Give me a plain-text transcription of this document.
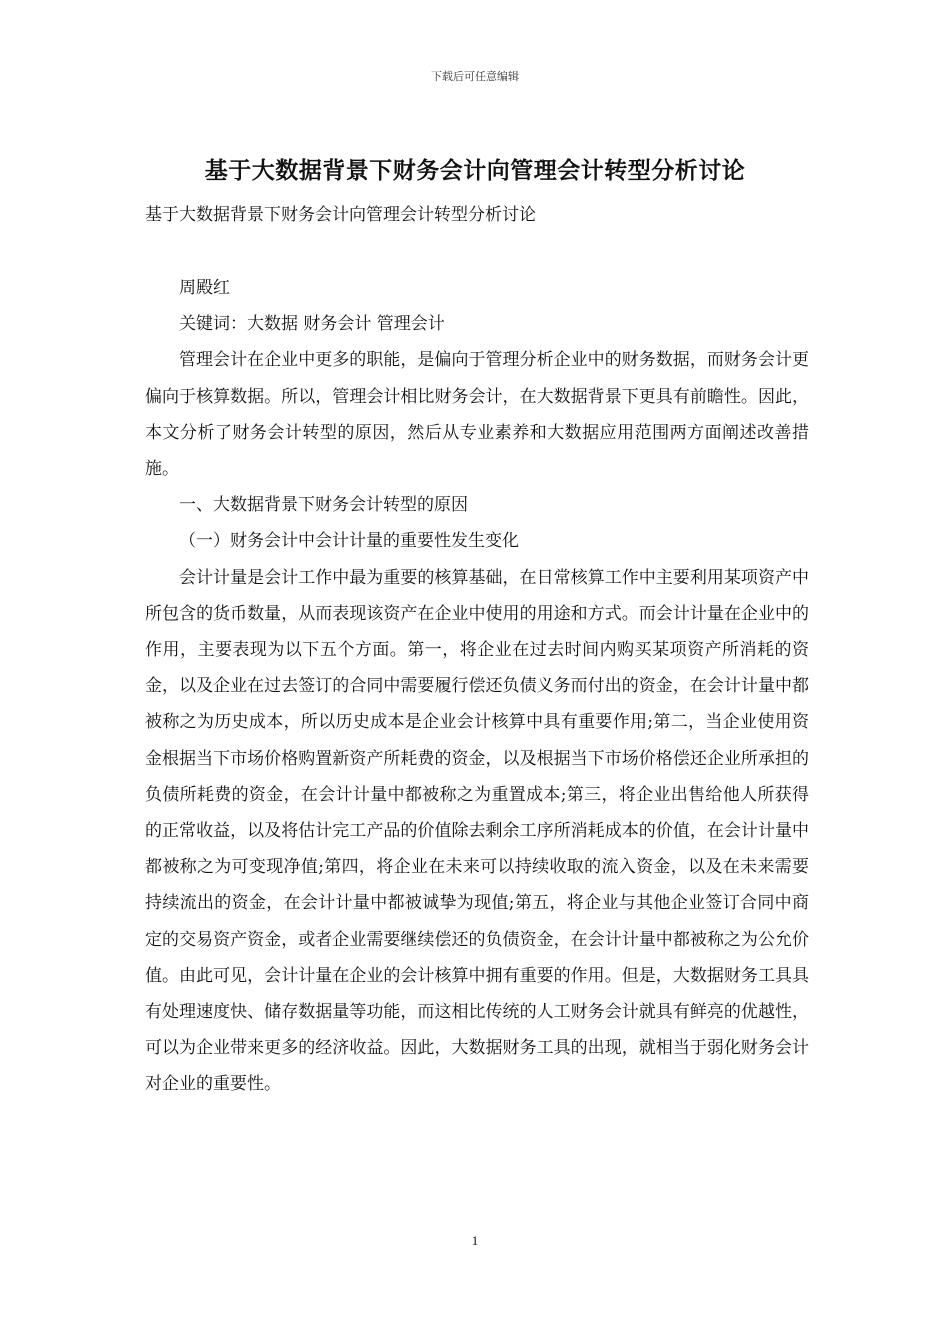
下载后可任意编辑
基于大数据背景下财务会计向管理会计转型分析讨论

基于大数据背景下财务会计向管理会计转型分析讨论

周殿红

关键词：大数据 财务会计 管理会计

管理会计在企业中更多的职能，是偏向于管理分析企业中的财务数据，而财务会计更偏向于核算数据。所以，管理会计相比财务会计，在大数据背景下更具有前瞻性。因此，本文分析了财务会计转型的原因，然后从专业素养和大数据应用范围两方面阐述改善措施。

一、大数据背景下财务会计转型的原因

（一）财务会计中会计计量的重要性发生变化

会计计量是会计工作中最为重要的核算基础，在日常核算工作中主要利用某项资产中所包含的货币数量，从而表现该资产在企业中使用的用途和方式。而会计计量在企业中的作用，主要表现为以下五个方面。第一，将企业在过去时间内购买某项资产所消耗的资金，以及企业在过去签订的合同中需要履行偿还负债义务而付出的资金，在会计计量中都被称之为历史成本，所以历史成本是企业会计核算中具有重要作用;第二，当企业使用资金根据当下市场价格购置新资产所耗费的资金，以及根据当下市场价格偿还企业所承担的负债所耗费的资金，在会计计量中都被称之为重置成本;第三，将企业出售给他人所获得的正常收益，以及将估计完工产品的价值除去剩余工序所消耗成本的价值，在会计计量中都被称之为可变现净值;第四，将企业在未来可以持续收取的流入资金，以及在未来需要持续流出的资金，在会计计量中都被诚挚为现值;第五，将企业与其他企业签订合同中商定的交易资产资金，或者企业需要继续偿还的负债资金，在会计计量中都被称之为公允价值。由此可见，会计计量在企业的会计核算中拥有重要的作用。但是，大数据财务工具具有处理速度快、储存数据量等功能，而这相比传统的人工财务会计就具有鲜亮的优越性，可以为企业带来更多的经济收益。因此，大数据财务工具的出现，就相当于弱化财务会计对企业的重要性。

1
